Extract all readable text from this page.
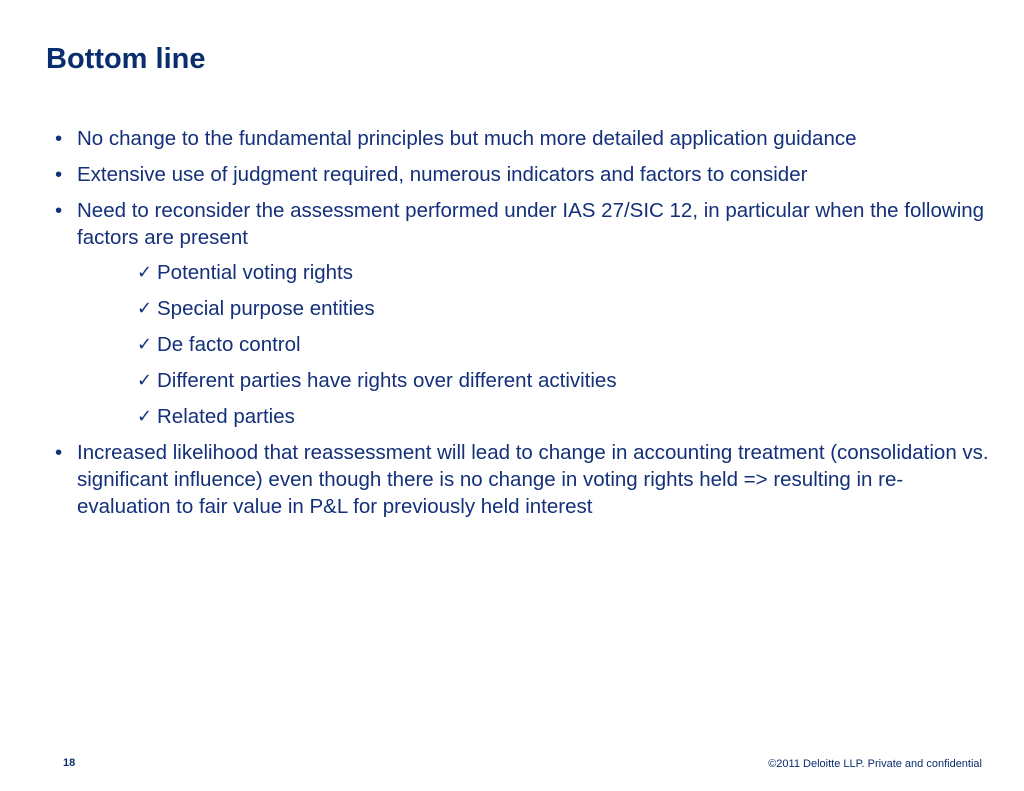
Bottom line
• No change to the fundamental principles but much more detailed application guidance
• Extensive use of judgment required, numerous indicators and factors to consider
• Need to reconsider the assessment performed under IAS 27/SIC 12, in particular when the following factors are present
✓ Potential voting rights
✓ Special purpose entities
✓ De facto control
✓ Different parties have rights over different activities
✓ Related parties
• Increased likelihood that reassessment will lead to change in accounting treatment (consolidation vs. significant influence) even though there is no change in voting rights held => resulting in re-evaluation to fair value in P&L for previously held interest
18	©2011 Deloitte LLP. Private and confidential
